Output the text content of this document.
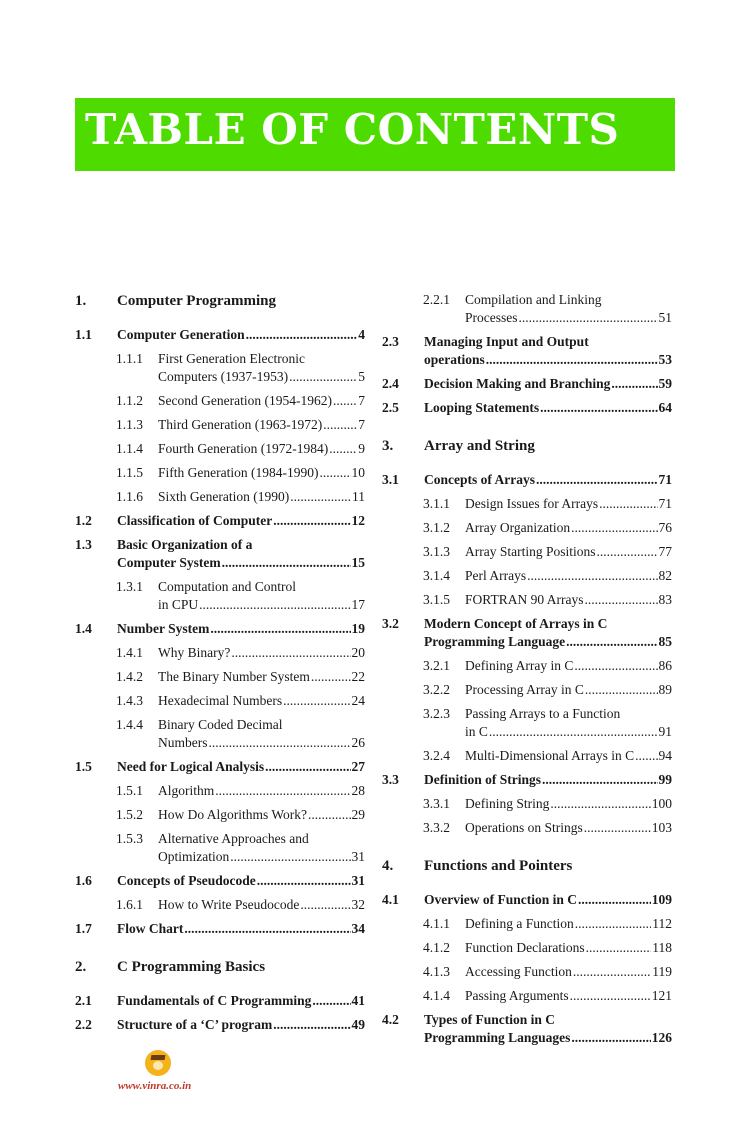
TABLE OF CONTENTS
1. Computer Programming
1.1 Computer Generation .....	4
1.1.1 First Generation Electronic
Computers (1937-1953) .....	5
1.1.2 Second Generation (1954-1962) ..... 7
1.1.3 Third Generation (1963-1972) .....	7
1.1.4 Fourth Generation (1972-1984) ..... 9
1.1.5 Fifth Generation (1984-1990) ..... 10
1.1.6 Sixth Generation (1990) .....	11
1.2 Classification of Computer .....	12
1.3 Basic Organization of a
Computer System .....	15
1.3.1 Computation and Control
in CPU .....	17
1.4 Number System .....	19
1.4.1 Why Binary? .....	20
1.4.2 The Binary Number System .....	22
1.4.3 Hexadecimal Numbers .....	24
1.4.4 Binary Coded Decimal
Numbers .....	26
1.5 Need for Logical Analysis .....	27
1.5.1 Algorithm .....	28
1.5.2 How Do Algorithms Work? .....	29
1.5.3 Alternative Approaches and
Optimization .....	31
1.6 Concepts of Pseudocode .....	31
1.6.1 How to Write Pseudocode .....	32
1.7 Flow Chart .....	34
2. C Programming Basics
2.1 Fundamentals of C Programming .....	41
2.2 Structure of a ‘C’ program .....	49
2.2.1 Compilation and Linking
Processes .....	51
2.3 Managing Input and Output
operations .....	53
2.4 Decision Making and Branching .....	59
2.5 Looping Statements .....	64
3. Array and String
3.1 Concepts of Arrays .....	71
3.1.1 Design Issues for Arrays .....	71
3.1.2 Array Organization .....	76
3.1.3 Array Starting Positions .....	77
3.1.4 Perl Arrays .....	82
3.1.5 FORTRAN 90 Arrays .....	83
3.2 Modern Concept of Arrays in C
Programming Language .....	85
3.2.1 Defining Array in C .....	86
3.2.2 Processing Array in C .....	89
3.2.3 Passing Arrays to a Function
in C .....	91
3.2.4 Multi-Dimensional Arrays in C ..... 94
3.3 Definition of Strings .....	99
3.3.1 Defining String .....	100
3.3.2 Operations on Strings .....	103
4. Functions and Pointers
4.1 Overview of Function in C .....	109
4.1.1 Defining a Function .....	112
4.1.2 Function Declarations .....	118
4.1.3 Accessing Function .....	119
4.1.4 Passing Arguments .....	121
4.2 Types of Function in C
Programming Languages .....	126
www.vinra.co.in
